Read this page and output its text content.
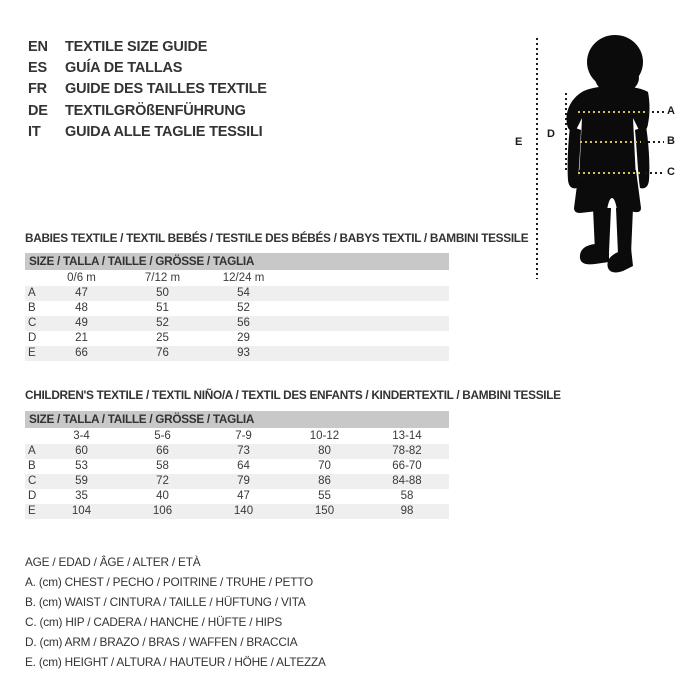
EN	TEXTILE SIZE GUIDE
ES	GUÍA DE TALLAS
FR	GUIDE DES TAILLES TEXTILE
DE	TEXTILGRÖßENFÜHRUNG
IT	GUIDA ALLE TAGLIE TESSILI
E
D
A
B
C
BABIES TEXTILE / TEXTIL BEBÉS / TESTILE DES BÉBÉS / BABYS TEXTIL / BAMBINI TESSILE
SIZE / TALLA / TAILLE / GRÖSSE / TAGLIA				
	0/6 m	7/12 m	12/24 m	
A	47	50	54	
B	48	51	52	
C	49	52	56	
D	21	25	29	
E	66	76	93	
CHILDREN'S TEXTILE / TEXTIL NIÑO/A / TEXTIL DES ENFANTS / KINDERTEXTIL / BAMBINI TESSILE
SIZE / TALLA / TAILLE / GRÖSSE / TAGLIA					
	3-4	5-6	7-9	10-12	13-14
A	60	66	73	80	78-82
B	53	58	64	70	66-70
C	59	72	79	86	84-88
D	35	40	47	55	58
E	104	106	140	150	98
AGE / EDAD / ÂGE / ALTER / ETÀ
A. (cm) CHEST / PECHO / POITRINE / TRUHE / PETTO
B. (cm) WAIST / CINTURA / TAILLE / HÜFTUNG / VITA
C. (cm) HIP / CADERA / HANCHE / HÜFTE / HIPS
D. (cm) ARM / BRAZO / BRAS / WAFFEN / BRACCIA
E. (cm) HEIGHT / ALTURA / HAUTEUR / HÖHE / ALTEZZA
